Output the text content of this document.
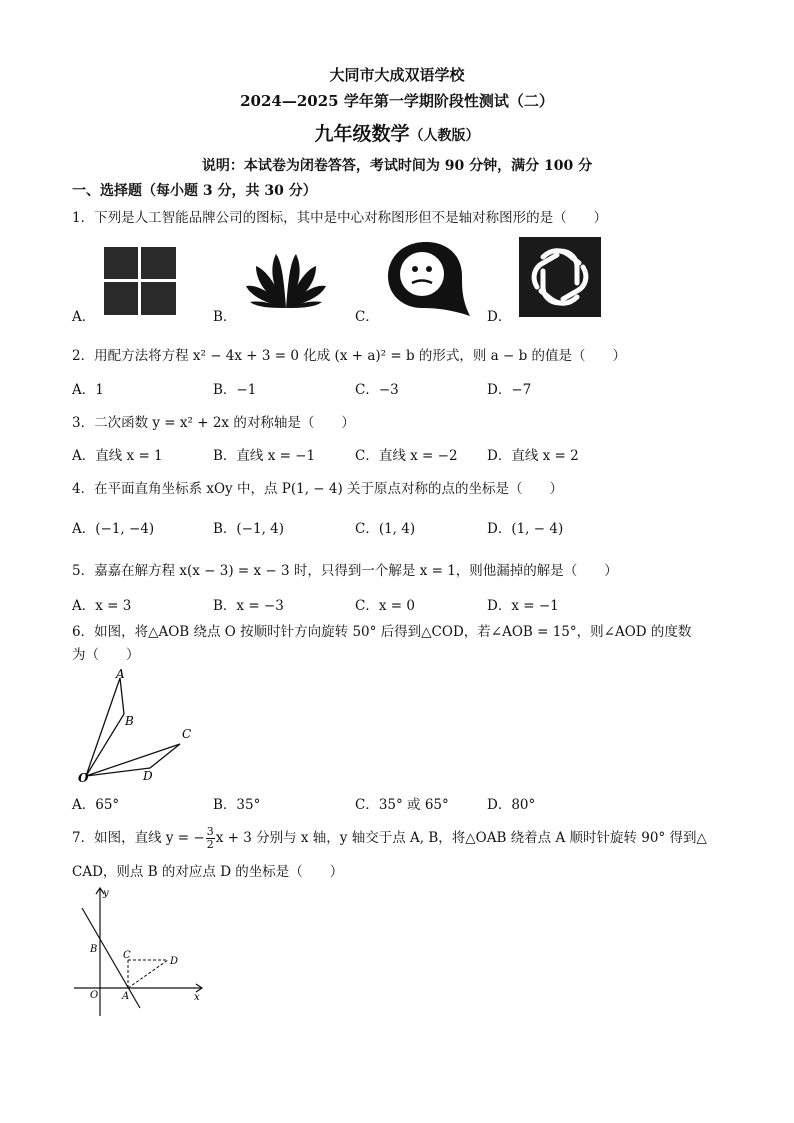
大同市大成双语学校
2024—2025 学年第一学期阶段性测试（二）
九年级数学（人教版）
说明：本试卷为闭卷答答，考试时间为 90 分钟，满分 100 分
一、选择题（每小题 3 分，共 30 分）
1．下列是人工智能品牌公司的图标，其中是中心对称图形但不是轴对称图形的是（　　）
A．	B．	C．	D．
2．用配方法将方程 x² − 4x + 3 = 0 化成 (x + a)² = b 的形式，则 a − b 的值是（　　）
A．1	B．−1	C．−3	D．−7
3．二次函数 y = x² + 2x 的对称轴是（　　）
A．直线 x = 1	B．直线 x = −1	C．直线 x = −2 D．直线 x = 2
4．在平面直角坐标系 xOy 中，点 P(1, − 4) 关于原点对称的点的坐标是（　　）
A．(−1, −4)	B．(−1, 4)	C．(1, 4)	D．(1, − 4)
5．嘉嘉在解方程 x(x − 3) = x − 3 时，只得到一个解是 x = 1，则他漏掉的解是（　　）
A．x = 3	B．x = −3	C．x = 0	D．x = −1
6．如图，将△AOB 绕点 O 按顺时针方向旋转 50° 后得到△COD，若∠AOB = 15°，则∠AOD 的度数
为（　　）
A
B
C
D
O
A．65°	B．35°	C．35° 或 65°	D．80°
7．如图，直线 y = − $\frac{3}{2}$ x + 3 分别与 x 轴，y 轴交于点 A, B，将△OAB 绕着点 A 顺时针旋转 90° 得到△
CAD，则点 B 的对应点 D 的坐标是（　　）
y
B
C
D
O A	x
